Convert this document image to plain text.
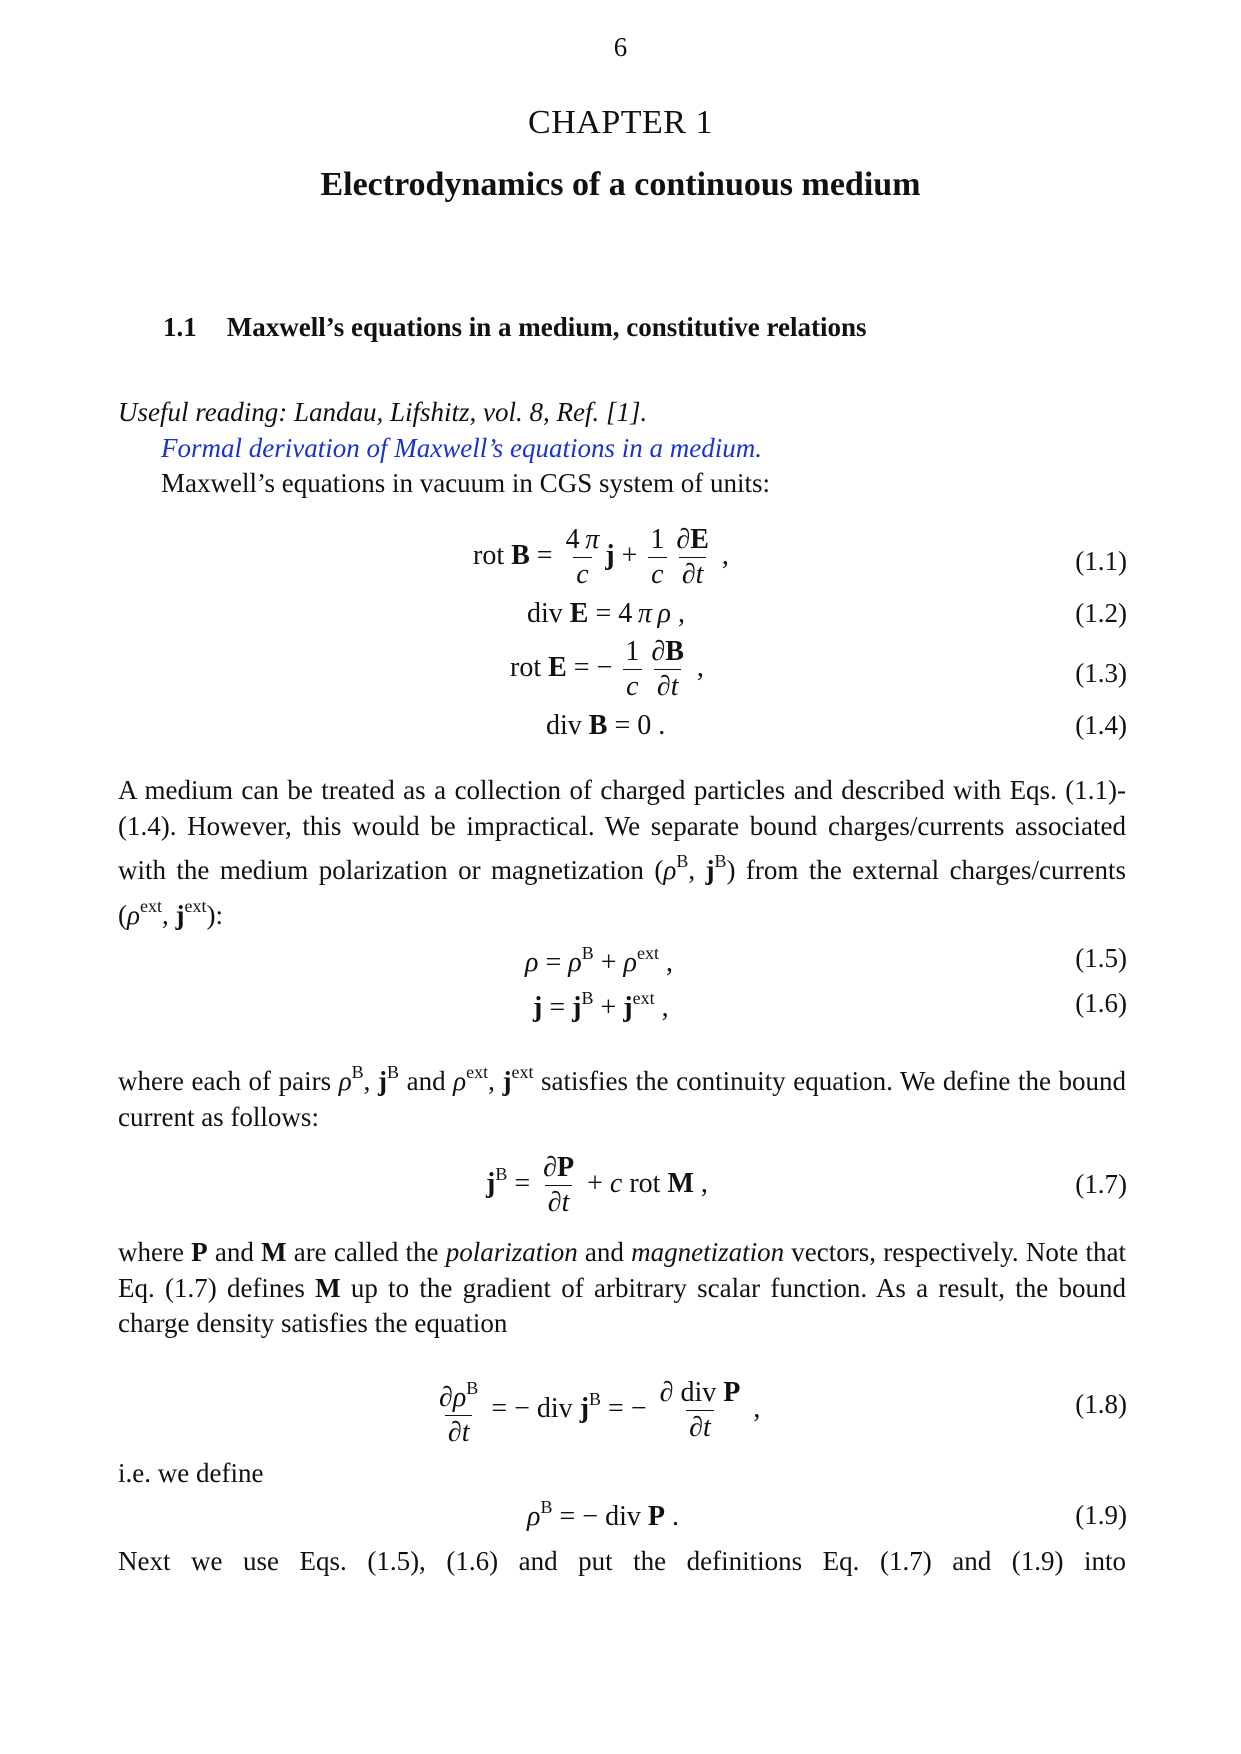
6
CHAPTER 1
Electrodynamics of a continuous medium
1.1 Maxwell’s equations in a medium, constitutive relations

Useful reading: Landau, Lifshitz, vol. 8, Ref. [1].

Formal derivation of Maxwell’s equations in a medium.

Maxwell’s equations in vacuum in CGS system of units:

rot $B = \frac{4 \pi}{c}$ $j + \frac{1}{c} \frac{\partial E}{\partial t}$ ,	(1.1)
div E = 4 π  ρ ,	(1.2)
rot E = − $\frac{1}{c} \frac{\partial B}{\partial t}$ ,	(1.3)
div B = 0 .	(1.4)
A medium can be treated as a collection of charged particles and described with Eqs. (1.1)-(1.4). However, this would be impractical. We separate bound charges/currents associated with the medium polarization or magnetization ($\rho^B$, $j^B$) from the external charges/currents ($\rho^{ext}$, $j^{ext}$):
$\rho = \rho^B + \rho^{ext}$ ,	(1.5)
$j = j^B + j^{ext}$ ,	(1.6)
where each of pairs $\rho^B$, $j^B$ and $\rho^{ext}$, $j^{ext}$ satisfies the continuity equation. We define the bound current as follows:
$j^B = \frac{\partial P}{\partial t} + c$ rot M ,	(1.7)
where P and M are called the polarization and magnetization vectors, respectively. Note that Eq. (1.7) defines M up to the gradient of arbitrary scalar function. As a result, the bound charge density satisfies the equation
$\frac{\partial\rho^B}{\partial t}$ = − div $j^B$ = − $\frac{\text{∂ div P}}{\partial t}$ ,	(1.8)
i.e. we define
$\rho^B$ = − div P .	(1.9)
Next we use Eqs. (1.5), (1.6) and put the definitions Eq. (1.7) and (1.9) into
